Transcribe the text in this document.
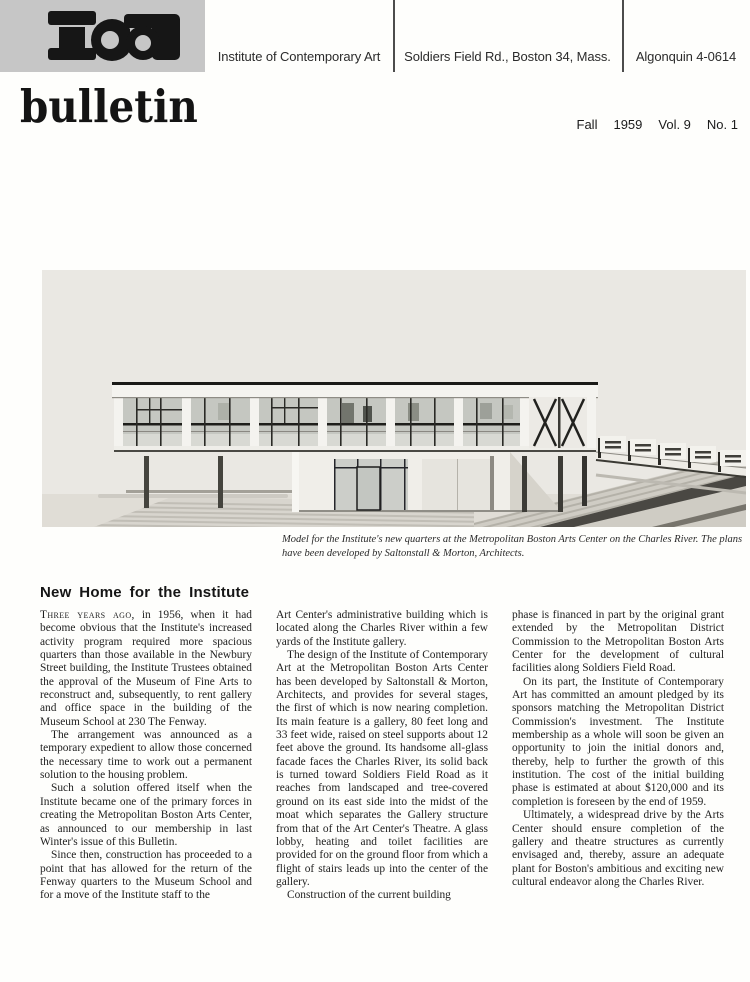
Institute of Contemporary Art	Soldiers Field Rd., Boston 34, Mass.	Algonquin 4-0614
bulletin	Fall 1959 Vol. 9 No. 1
Model for the Institute's new quarters at the Metropolitan Boston Arts Center on the Charles River. The plans have been developed by Saltonstall & Morton, Architects.
New Home for the Institute

Three years ago, in 1956, when it had become obvious that the Institute's increased activity program required more spacious quarters than those available in the Newbury Street building, the Institute Trustees obtained the approval of the Museum of Fine Arts to reconstruct and, subsequently, to rent gallery and office space in the building of the Museum School at 230 The Fenway.

The arrangement was announced as a temporary expedient to allow those concerned the necessary time to work out a permanent solution to the housing problem.

Such a solution offered itself when the Institute became one of the primary forces in creating the Metropolitan Boston Arts Center, as announced to our membership in last Winter's issue of this Bulletin.

Since then, construction has proceeded to a point that has allowed for the return of the Fenway quarters to the Museum School and for a move of the Institute staff to the

Art Center's administrative building which is located along the Charles River within a few yards of the Institute gallery.

The design of the Institute of Contemporary Art at the Metropolitan Boston Arts Center has been developed by Saltonstall & Morton, Architects, and provides for several stages, the first of which is now nearing completion. Its main feature is a gallery, 80 feet long and 33 feet wide, raised on steel supports about 12 feet above the ground. Its handsome all-glass facade faces the Charles River, its solid back is turned toward Soldiers Field Road as it reaches from landscaped and tree-covered ground on its east side into the midst of the moat which separates the Gallery structure from that of the Art Center's Theatre. A glass lobby, heating and toilet facilities are provided for on the ground floor from which a flight of stairs leads up into the center of the gallery.

Construction of the current building

phase is financed in part by the original grant extended by the Metropolitan District Commission to the Metropolitan Boston Arts Center for the development of cultural facilities along Soldiers Field Road.

On its part, the Institute of Contemporary Art has committed an amount pledged by its sponsors matching the Metropolitan District Commission's investment. The Institute membership as a whole will soon be given an opportunity to join the initial donors and, thereby, help to further the growth of this institution. The cost of the initial building phase is estimated at about $120,000 and its completion is foreseen by the end of 1959.

Ultimately, a widespread drive by the Arts Center should ensure completion of the gallery and theatre structures as currently envisaged and, thereby, assure an adequate plant for Boston's ambitious and exciting new cultural endeavor along the Charles River.
